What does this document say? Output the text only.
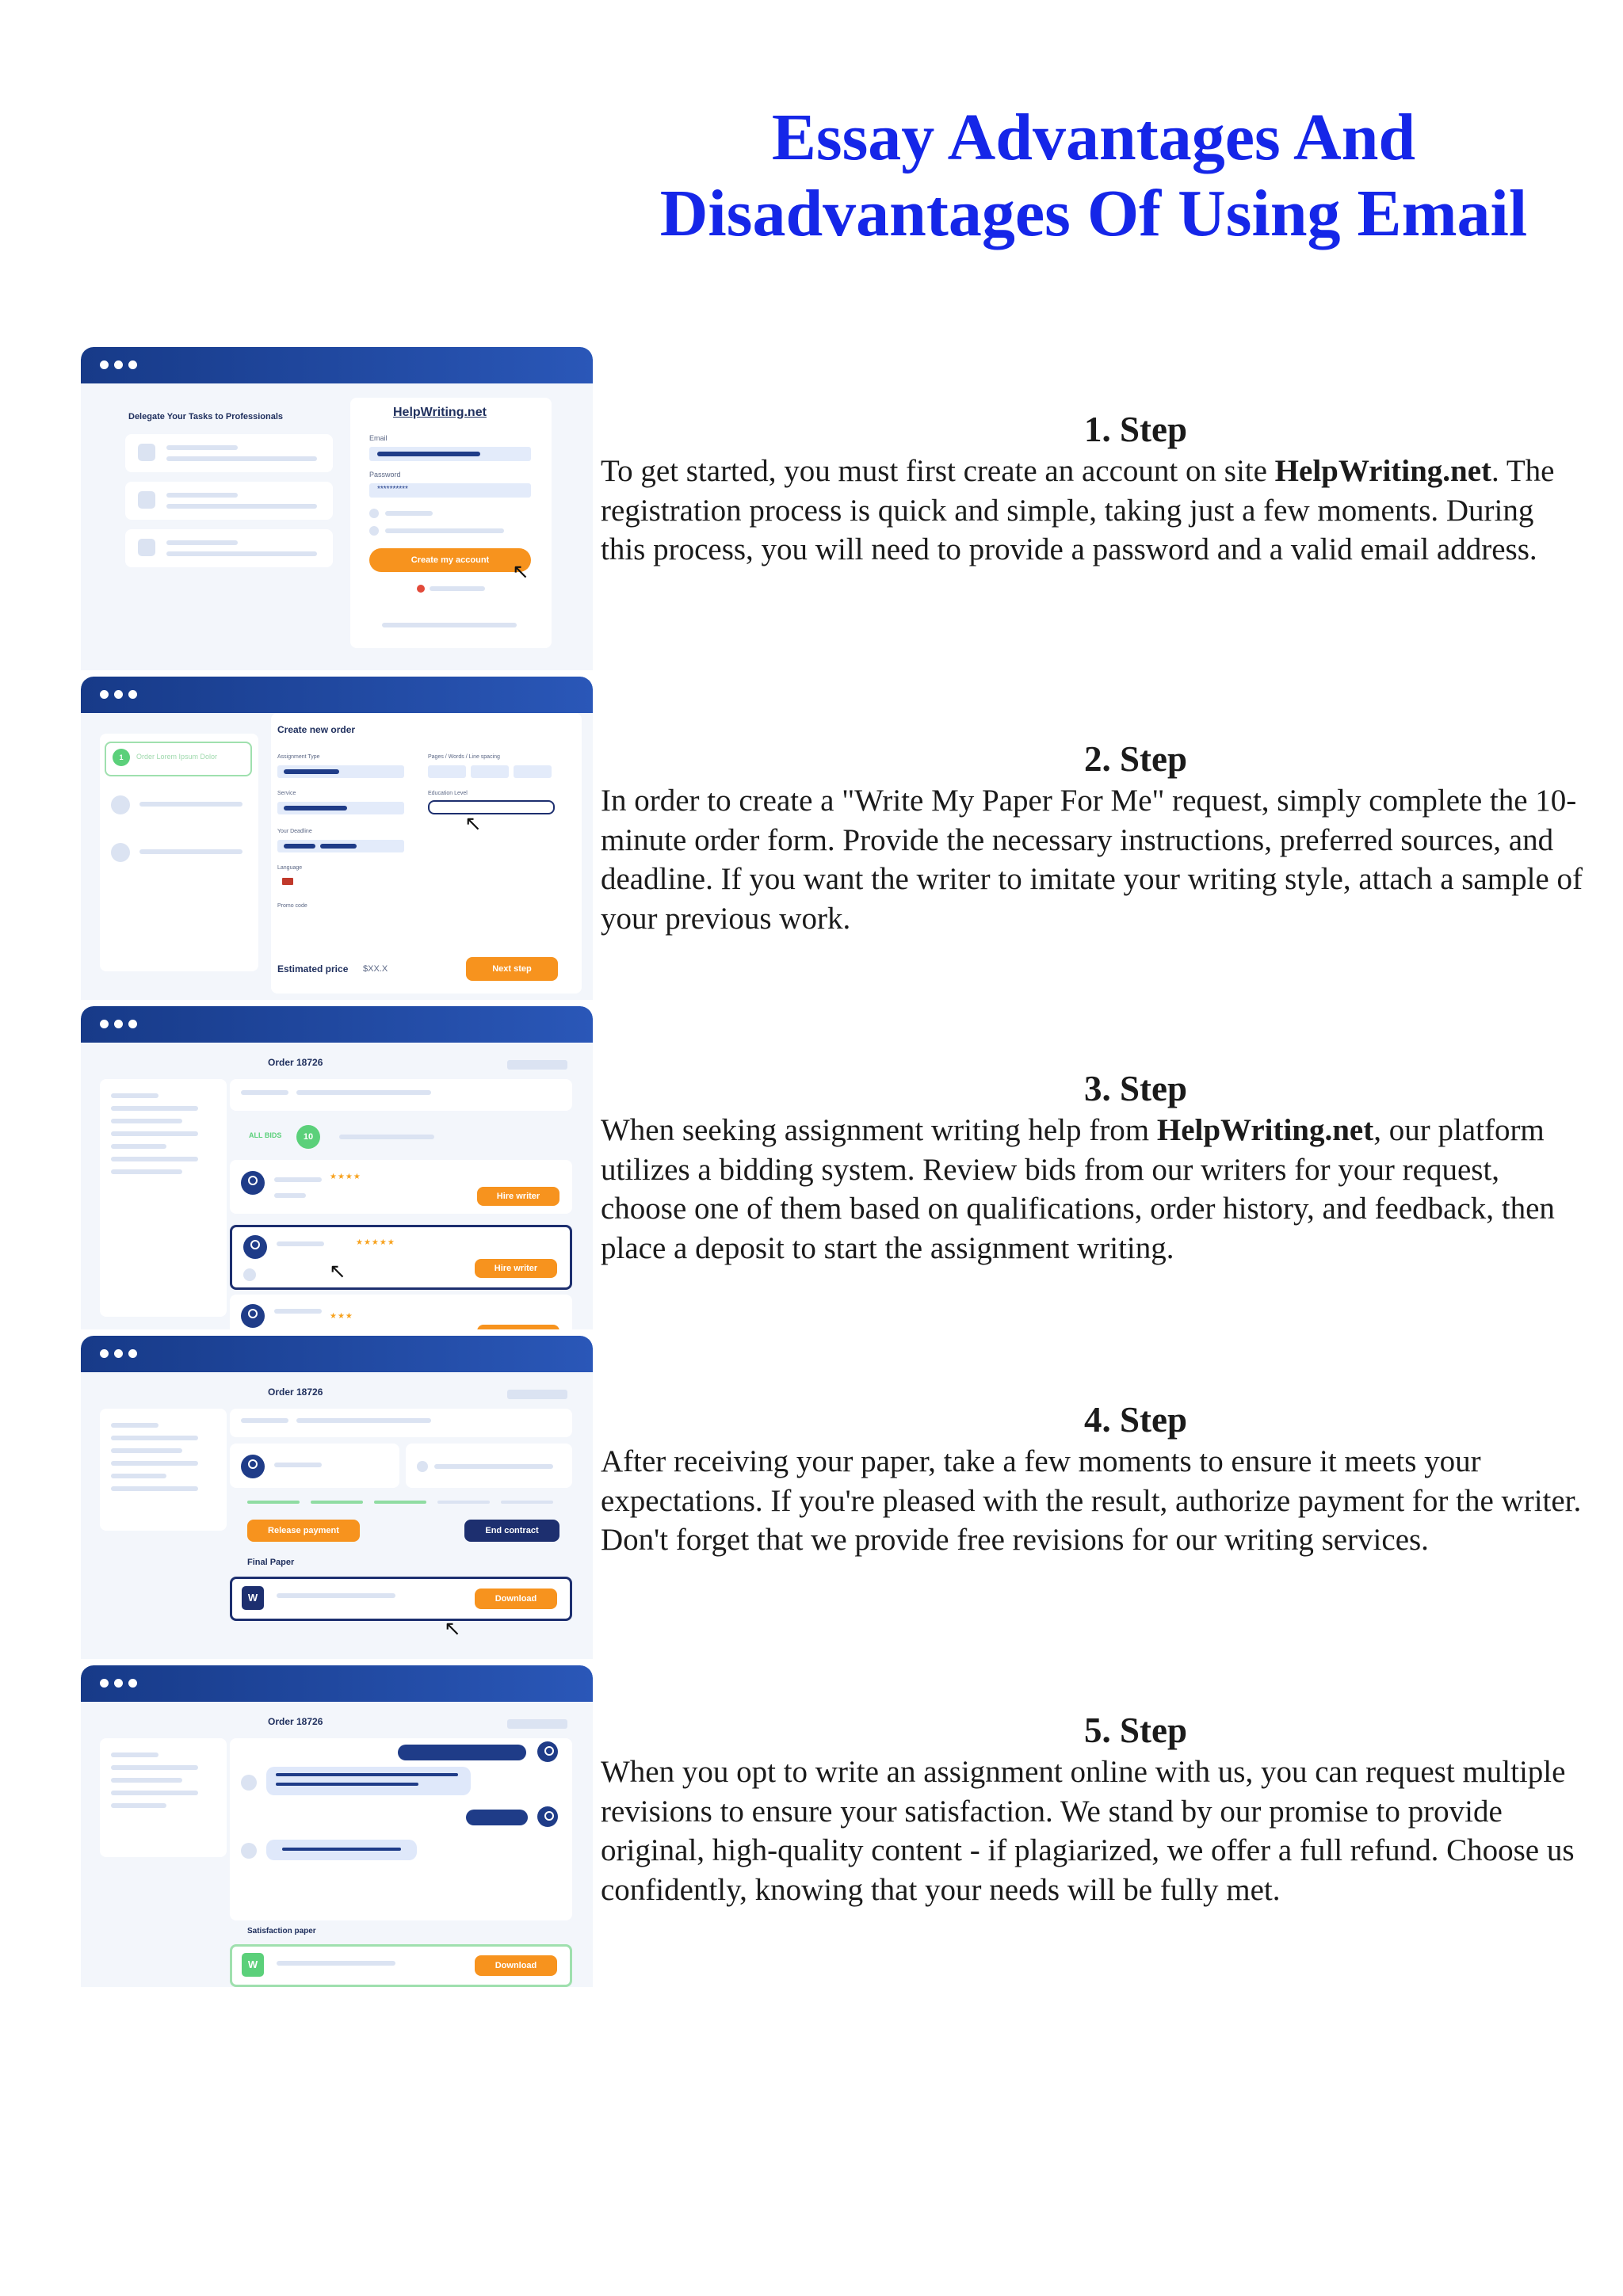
Essay Advantages And
Disadvantages Of Using Email
Delegate Your Tasks to Professionals	HelpWriting.net
Email
Password
**********
Create my account	↖
1	Order Lorem Ipsum Dolor
Create new order
Assignment Type	Pages / Words / Line spacing
Service	Education Level
↖
Your Deadline
Language
Promo code
Estimated price $XX.X	Next step
Order 18726
ALL BIDS	10
★★★★
Hire writer
★★★★★
↖	Hire writer
★★★
Order 18726
Release payment	End contract
Final Paper
W	Download
↖
Order 18726
Satisfaction paper
W	Download
1. Step

To get started, you must first create an account on site HelpWriting.net. The registration process is quick and simple, taking just a few moments. During this process, you will need to provide a password and a valid email address.

2. Step

In order to create a "Write My Paper For Me" request, simply complete the 10-minute order form. Provide the necessary instructions, preferred sources, and deadline. If you want the writer to imitate your writing style, attach a sample of your previous work.

3. Step

When seeking assignment writing help from HelpWriting.net, our platform utilizes a bidding system. Review bids from our writers for your request, choose one of them based on qualifications, order history, and feedback, then place a deposit to start the assignment writing.

4. Step

After receiving your paper, take a few moments to ensure it meets your expectations. If you're pleased with the result, authorize payment for the writer. Don't forget that we provide free revisions for our writing services.

5. Step

When you opt to write an assignment online with us, you can request multiple revisions to ensure your satisfaction. We stand by our promise to provide original, high-quality content - if plagiarized, we offer a full refund. Choose us confidently, knowing that your needs will be fully met.
